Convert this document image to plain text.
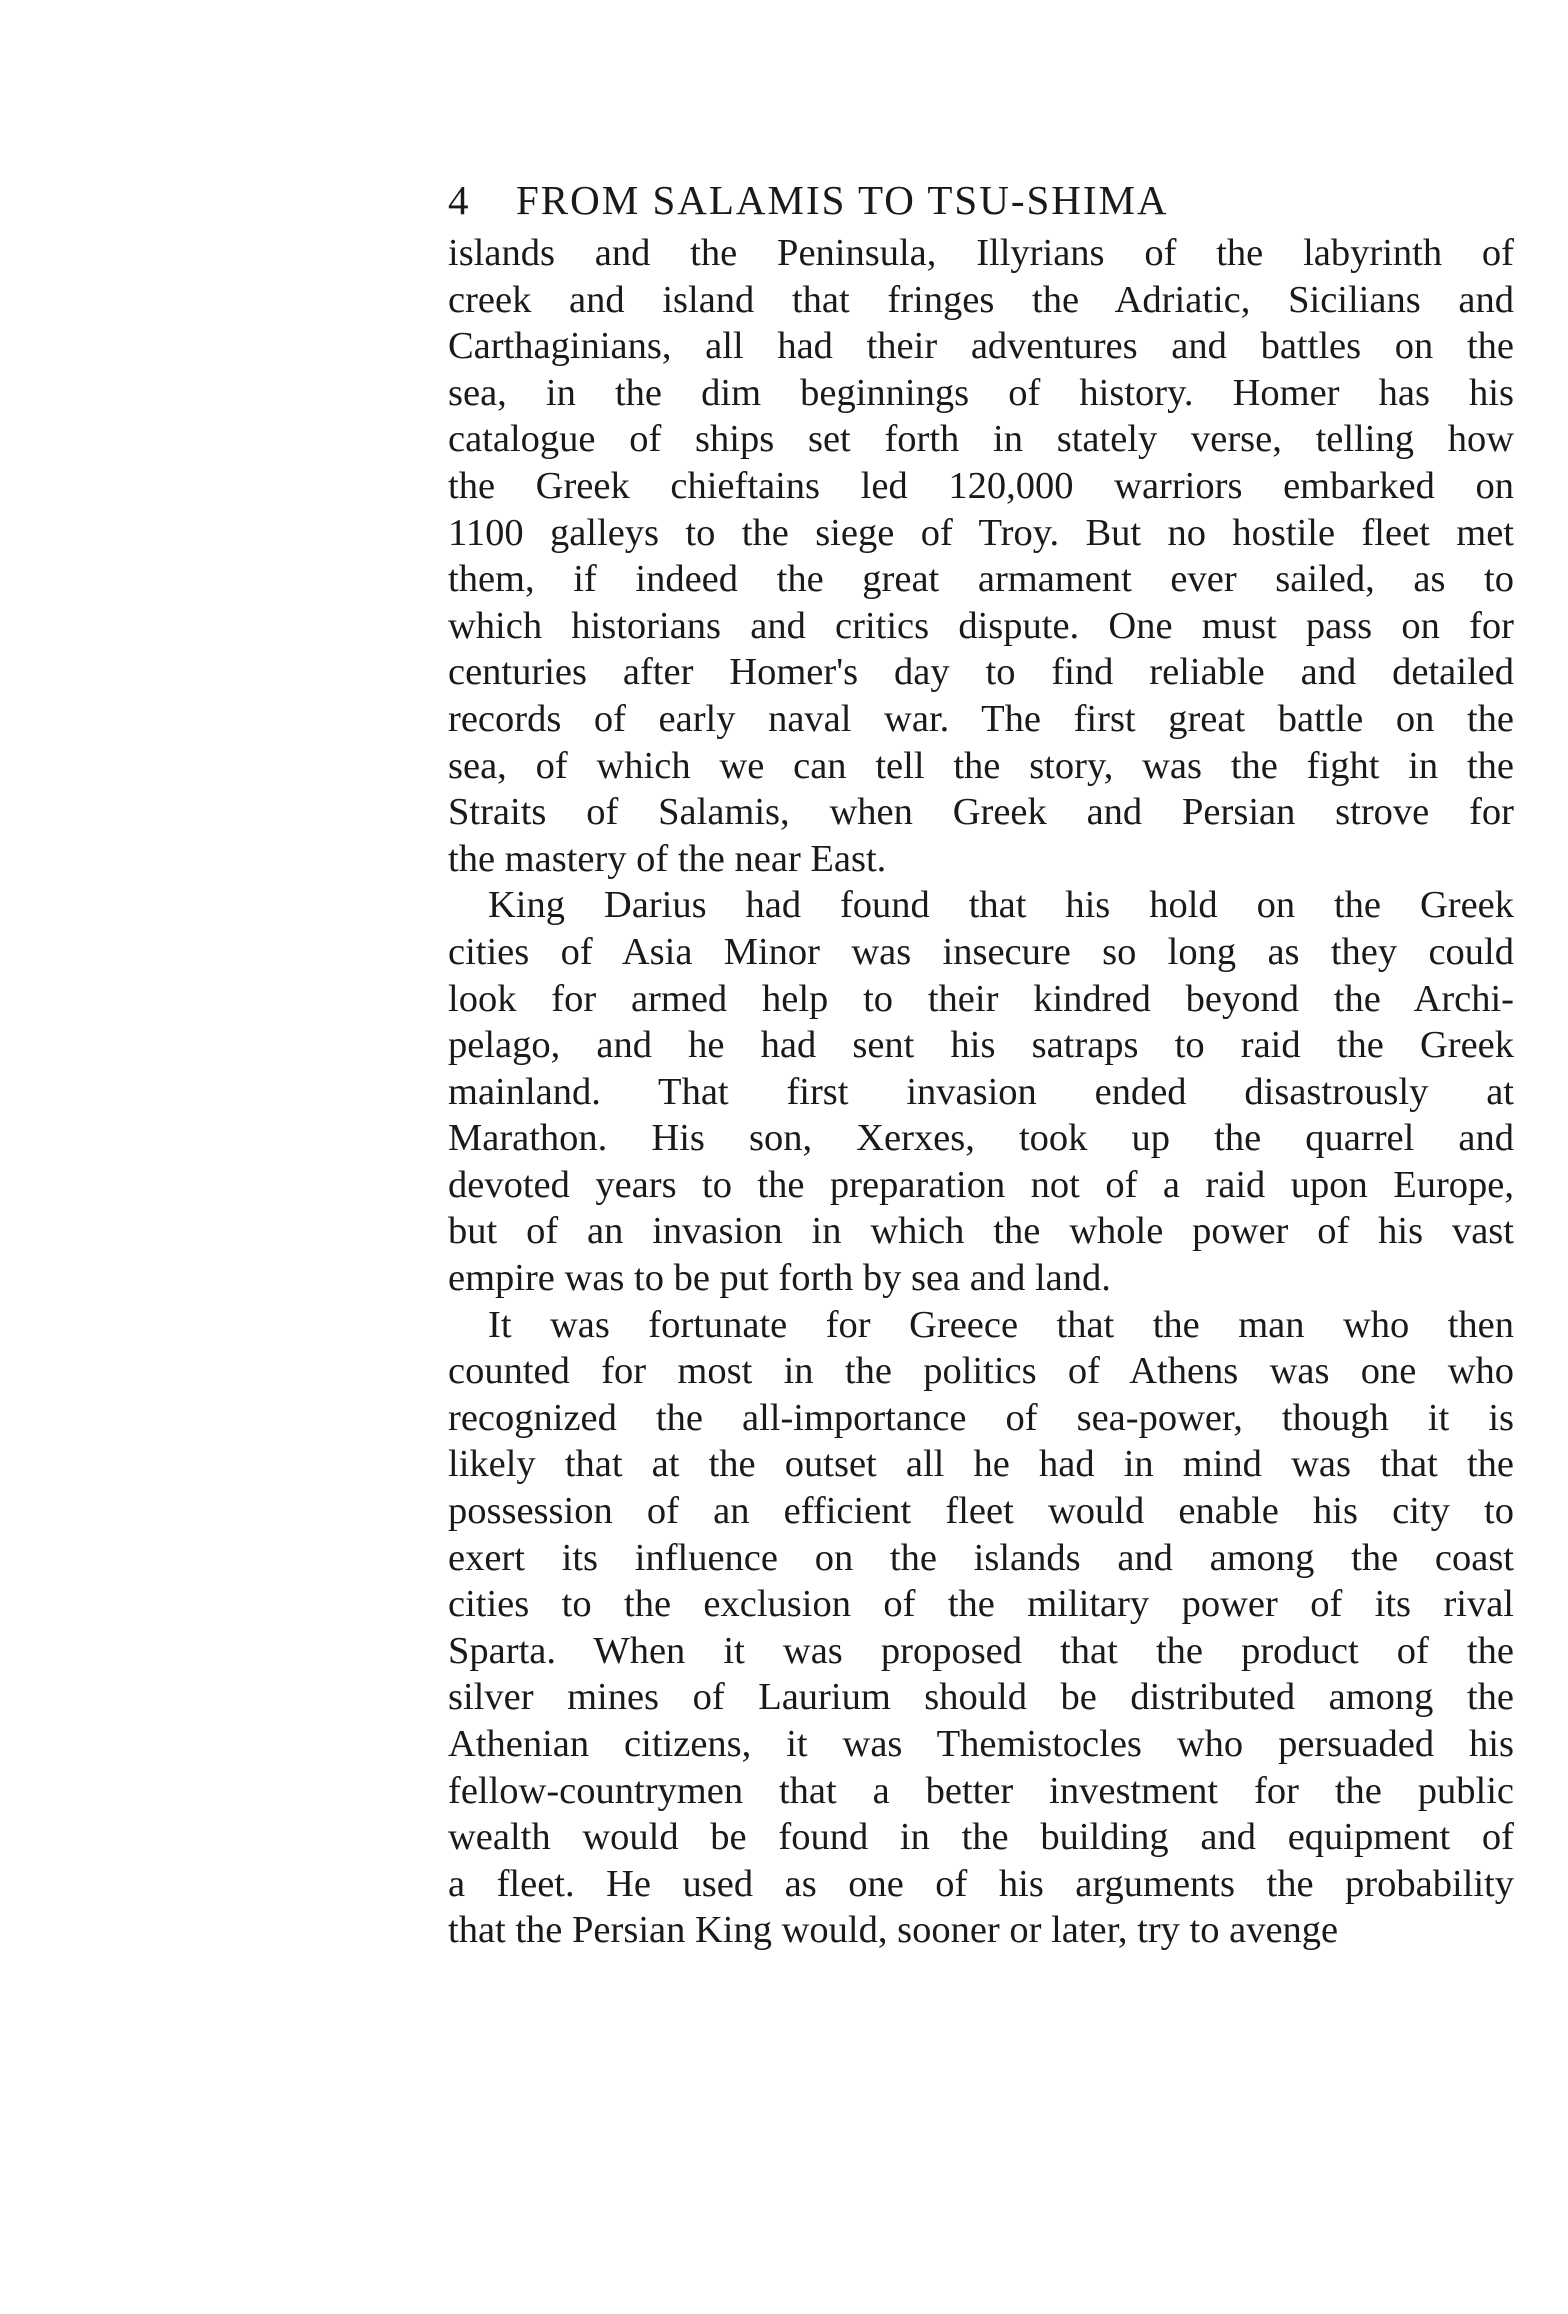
4 FROM SALAMIS TO TSU-SHIMA
islands and the Peninsula, Illyrians of the labyrinth of
creek and island that fringes the Adriatic, Sicilians and
Carthaginians, all had their adventures and battles on the
sea, in the dim beginnings of history. Homer has his
catalogue of ships set forth in stately verse, telling how
the Greek chieftains led 120,000 warriors embarked on
1100 galleys to the siege of Troy. But no hostile fleet met
them, if indeed the great armament ever sailed, as to
which historians and critics dispute. One must pass on for
centuries after Homer's day to find reliable and detailed
records of early naval war. The first great battle on the
sea, of which we can tell the story, was the fight in the
Straits of Salamis, when Greek and Persian strove for
the mastery of the near East.
King Darius had found that his hold on the Greek
cities of Asia Minor was insecure so long as they could
look for armed help to their kindred beyond the Archi-
pelago, and he had sent his satraps to raid the Greek
mainland. That first invasion ended disastrously at
Marathon. His son, Xerxes, took up the quarrel and
devoted years to the preparation not of a raid upon Europe,
but of an invasion in which the whole power of his vast
empire was to be put forth by sea and land.
It was fortunate for Greece that the man who then
counted for most in the politics of Athens was one who
recognized the all-importance of sea-power, though it is
likely that at the outset all he had in mind was that the
possession of an efficient fleet would enable his city to
exert its influence on the islands and among the coast
cities to the exclusion of the military power of its rival
Sparta. When it was proposed that the product of the
silver mines of Laurium should be distributed among the
Athenian citizens, it was Themistocles who persuaded his
fellow-countrymen that a better investment for the public
wealth would be found in the building and equipment of
a fleet. He used as one of his arguments the probability
that the Persian King would, sooner or later, try to avenge
